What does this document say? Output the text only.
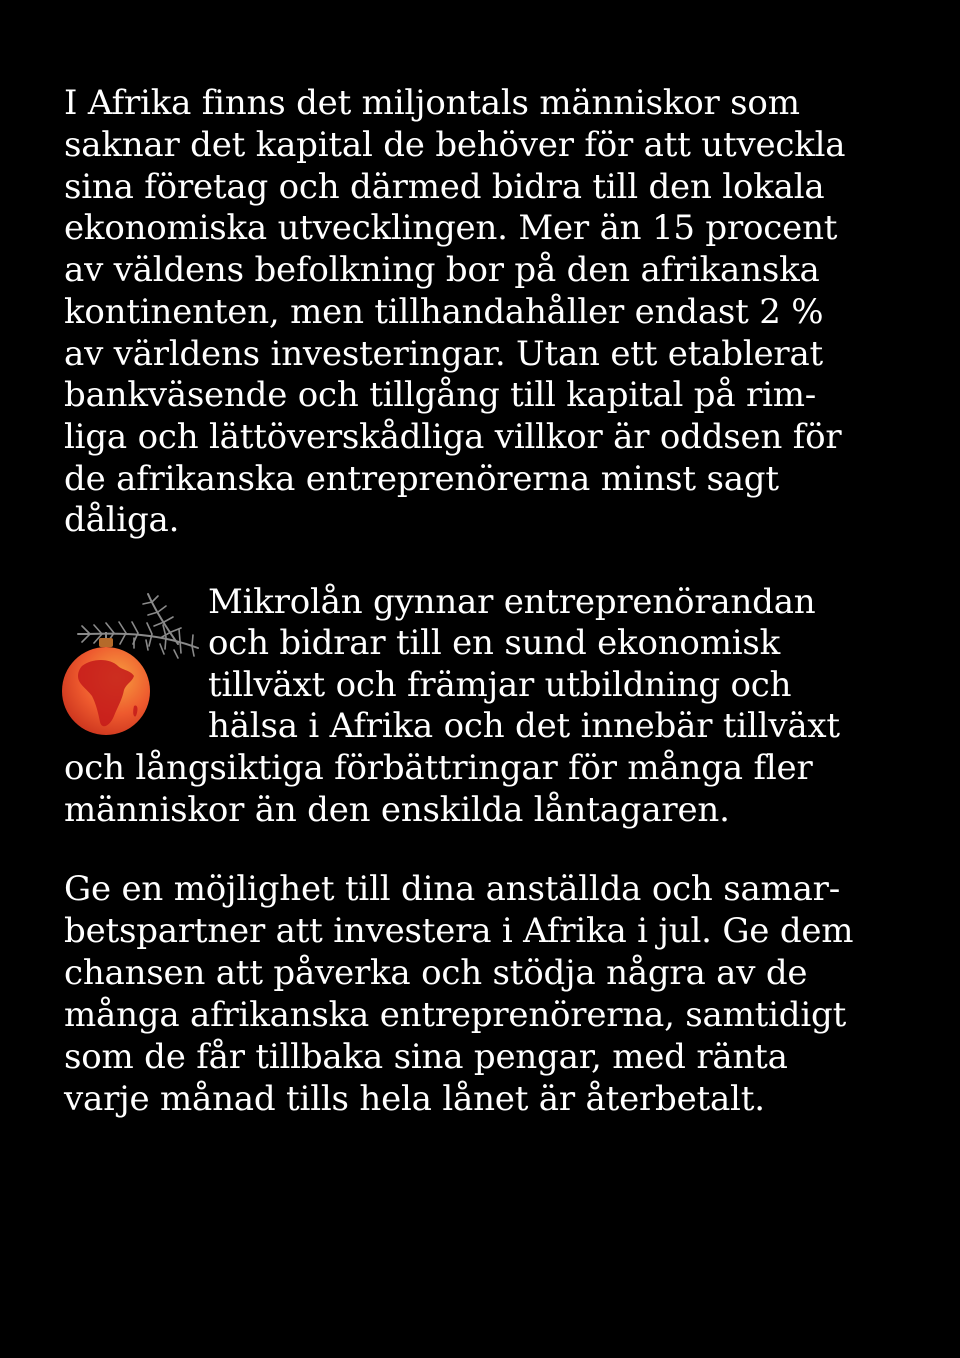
I Afrika finns det miljontals människor som
saknar det kapital de behöver för att utveckla
sina företag och därmed bidra till den lokala
ekonomiska utvecklingen. Mer än 15 procent
av väldens befolkning bor på den afrikanska
kontinenten, men tillhandahåller endast 2 %
av världens investeringar. Utan ett etablerat
bankväsende och tillgång till kapital på rim-
liga och lättöverskådliga villkor är oddsen för
de afrikanska entreprenörerna minst sagt
dåliga.
Mikrolån gynnar entreprenörandan
och bidrar till en sund ekonomisk
tillväxt och främjar utbildning och
hälsa i Afrika och det innebär tillväxt
och långsiktiga förbättringar för många fler
människor än den enskilda låntagaren.
Ge en möjlighet till dina anställda och samar-
betspartner att investera i Afrika i jul. Ge dem
chansen att påverka och stödja några av de
många afrikanska entreprenörerna, samtidigt
som de får tillbaka sina pengar, med ränta
varje månad tills hela lånet är återbetalt.
